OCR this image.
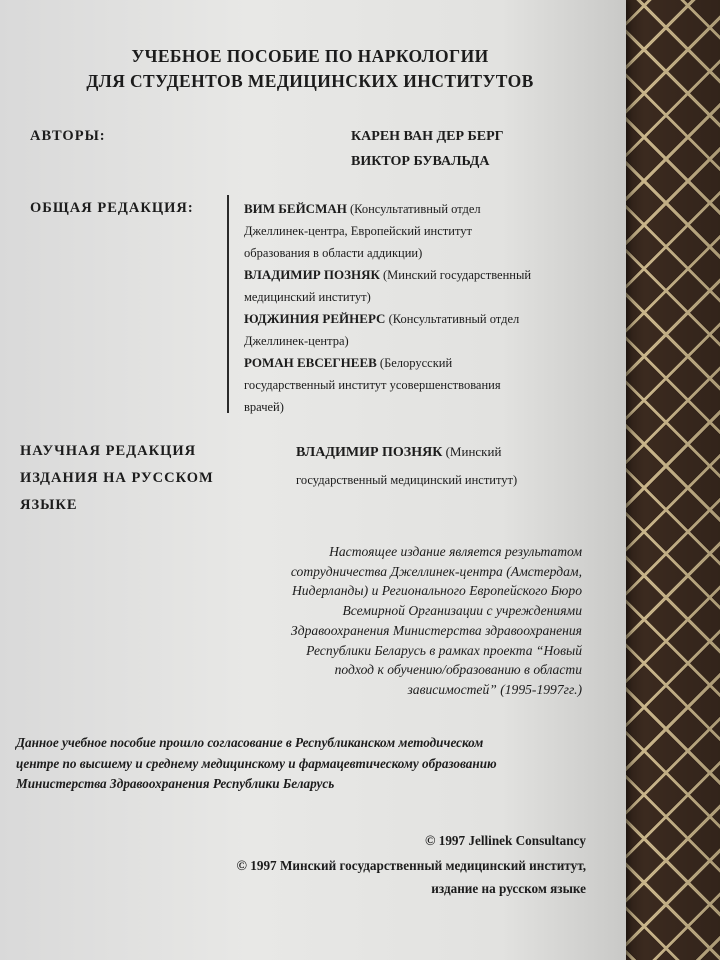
УЧЕБНОЕ ПОСОБИЕ ПО НАРКОЛОГИИ

ДЛЯ СТУДЕНТОВ МЕДИЦИНСКИХ ИНСТИТУТОВ

АВТОРЫ:	КАРЕН ВАН ДЕР БЕРГ

ВИКТОР БУВАЛЬДА

ОБЩАЯ РЕДАКЦИЯ:	ВИМ БЕЙСМАН (Консультативный отдел
Джеллинек-центра, Европейский институт
образования в области аддикции)
ВЛАДИМИР ПОЗНЯК (Минский государственный
медицинский институт)
ЮДЖИНИЯ РЕЙНЕРС (Консультативный отдел
Джеллинек-центра)
РОМАН ЕВСЕГНЕЕВ (Белорусский
государственный институт усовершенствования
врачей)

НАУЧНАЯ РЕДАКЦИЯ

ИЗДАНИЯ НА РУССКОМ

ЯЗЫКЕ

ВЛАДИМИР ПОЗНЯК (Минский

государственный медицинский институт)

Настоящее издание является результатом
сотрудничества Джеллинек-центра (Амстердам,
Нидерланды) и Регионального Европейского Бюро
Всемирной Организации с учреждениями
Здравоохранения Министерства здравоохранения
Республики Беларусь в рамках проекта “Новый
подход к обучению/образованию в области
зависимостей” (1995-1997гг.)
Данное учебное пособие прошло согласование в Республиканском методическом
центре по высшему и среднему медицинскому и фармацевтическому образованию
Министерства Здравоохранения Республики Беларусь

© 1997 Jellinek Consultancy

© 1997 Минский государственный медицинский институт,

издание на русском языке
